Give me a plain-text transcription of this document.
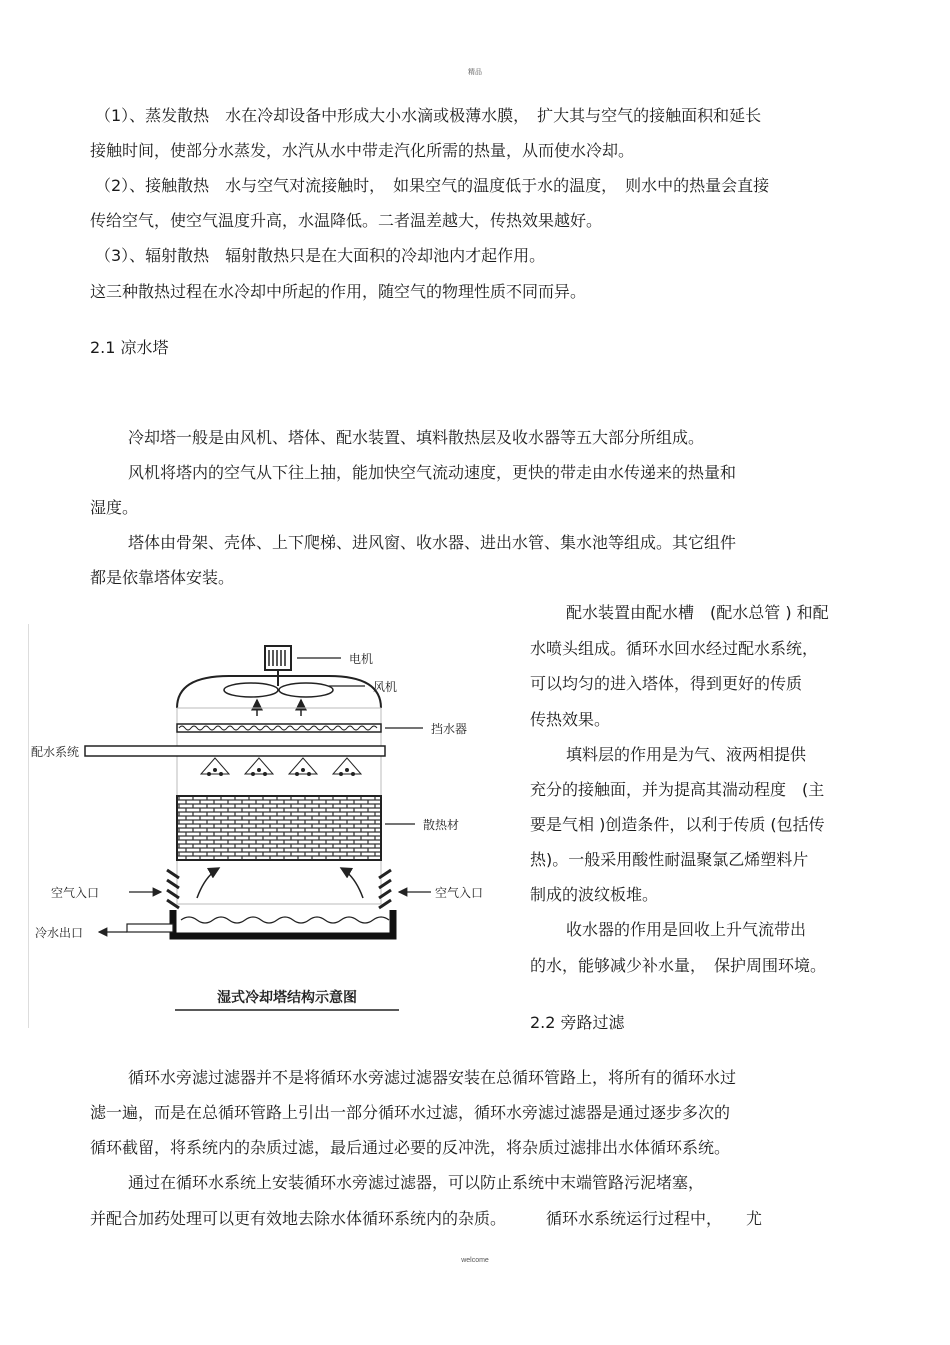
精品
（1）、蒸发散热　水在冷却设备中形成大小水滴或极薄水膜，　扩大其与空气的接触面积和延长
接触时间，使部分水蒸发，水汽从水中带走汽化所需的热量，从而使水冷却。
（2）、接触散热　水与空气对流接触时，　如果空气的温度低于水的温度，　则水中的热量会直接
传给空气，使空气温度升高，水温降低。二者温差越大，传热效果越好。
（3）、辐射散热　辐射散热只是在大面积的冷却池内才起作用。
这三种散热过程在水冷却中所起的作用，随空气的物理性质不同而异。
2.1 凉水塔
冷却塔一般是由风机、塔体、配水装置、填料散热层及收水器等五大部分所组成。
风机将塔内的空气从下往上抽，能加快空气流动速度，更快的带走由水传递来的热量和
湿度。
塔体由骨架、壳体、上下爬梯、进风窗、收水器、进出水管、集水池等组成。其它组件
都是依靠塔体安装。
配水装置由配水槽　(配水总管 ) 和配
水喷头组成。循环水回水经过配水系统，
可以均匀的进入塔体，得到更好的传质
传热效果。
填料层的作用是为气、液两相提供
充分的接触面，并为提高其湍动程度　(主
要是气相 )创造条件，以利于传质 (包括传
热)。一般采用酸性耐温聚氯乙烯塑料片
制成的波纹板堆。
收水器的作用是回收上升气流带出
的水，能够减少补水量，　保护周围环境。
2.2 旁路过滤
电机
风机
挡水器
配水系统
散热材
空气入口	空气入口
冷水出口
湿式冷却塔结构示意图
循环水旁滤过滤器并不是将循环水旁滤过滤器安装在总循环管路上，将所有的循环水过
滤一遍，而是在总循环管路上引出一部分循环水过滤，循环水旁滤过滤器是通过逐步多次的
循环截留，将系统内的杂质过滤，最后通过必要的反冲洗，将杂质过滤排出水体循环系统。
通过在循环水系统上安装循环水旁滤过滤器，可以防止系统中末端管路污泥堵塞，
并配合加药处理可以更有效地去除水体循环系统内的杂质。　　　循环水系统运行过程中，　　尤
welcome
